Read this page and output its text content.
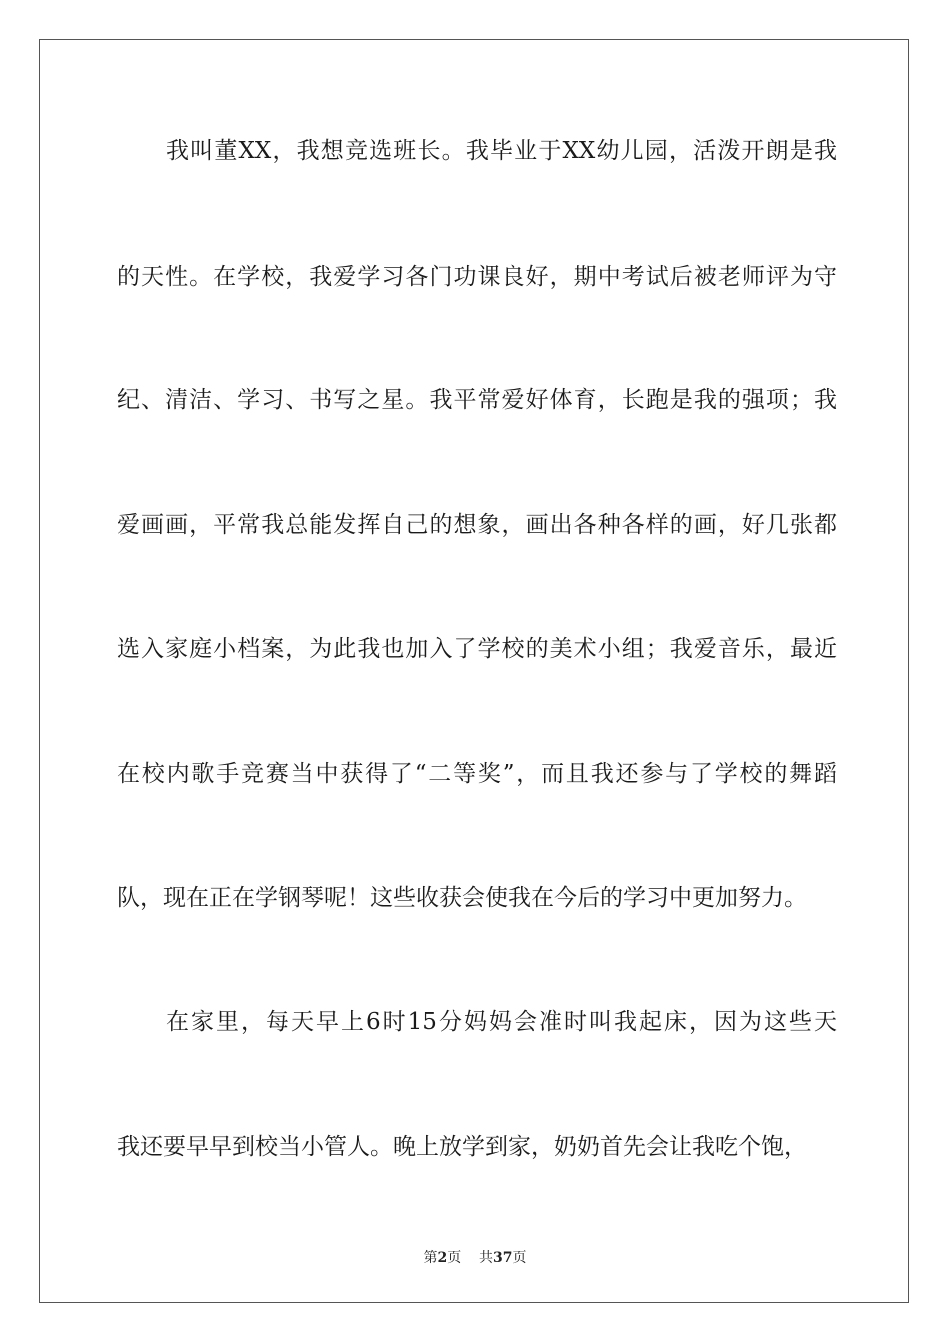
我叫董XX，我想竞选班长。我毕业于XX幼儿园，活泼开朗是我
的天性。在学校，我爱学习各门功课良好，期中考试后被老师评为守
纪、清洁、学习、书写之星。我平常爱好体育，长跑是我的强项；我
爱画画，平常我总能发挥自己的想象，画出各种各样的画，好几张都
选入家庭小档案，为此我也加入了学校的美术小组；我爱音乐，最近
在校内歌手竞赛当中获得了“二等奖”，而且我还参与了学校的舞蹈
队，现在正在学钢琴呢！这些收获会使我在今后的学习中更加努力。
在家里，每天早上6时15分妈妈会准时叫我起床，因为这些天
我还要早早到校当小管人。晚上放学到家，奶奶首先会让我吃个饱，
第2页 共37页
